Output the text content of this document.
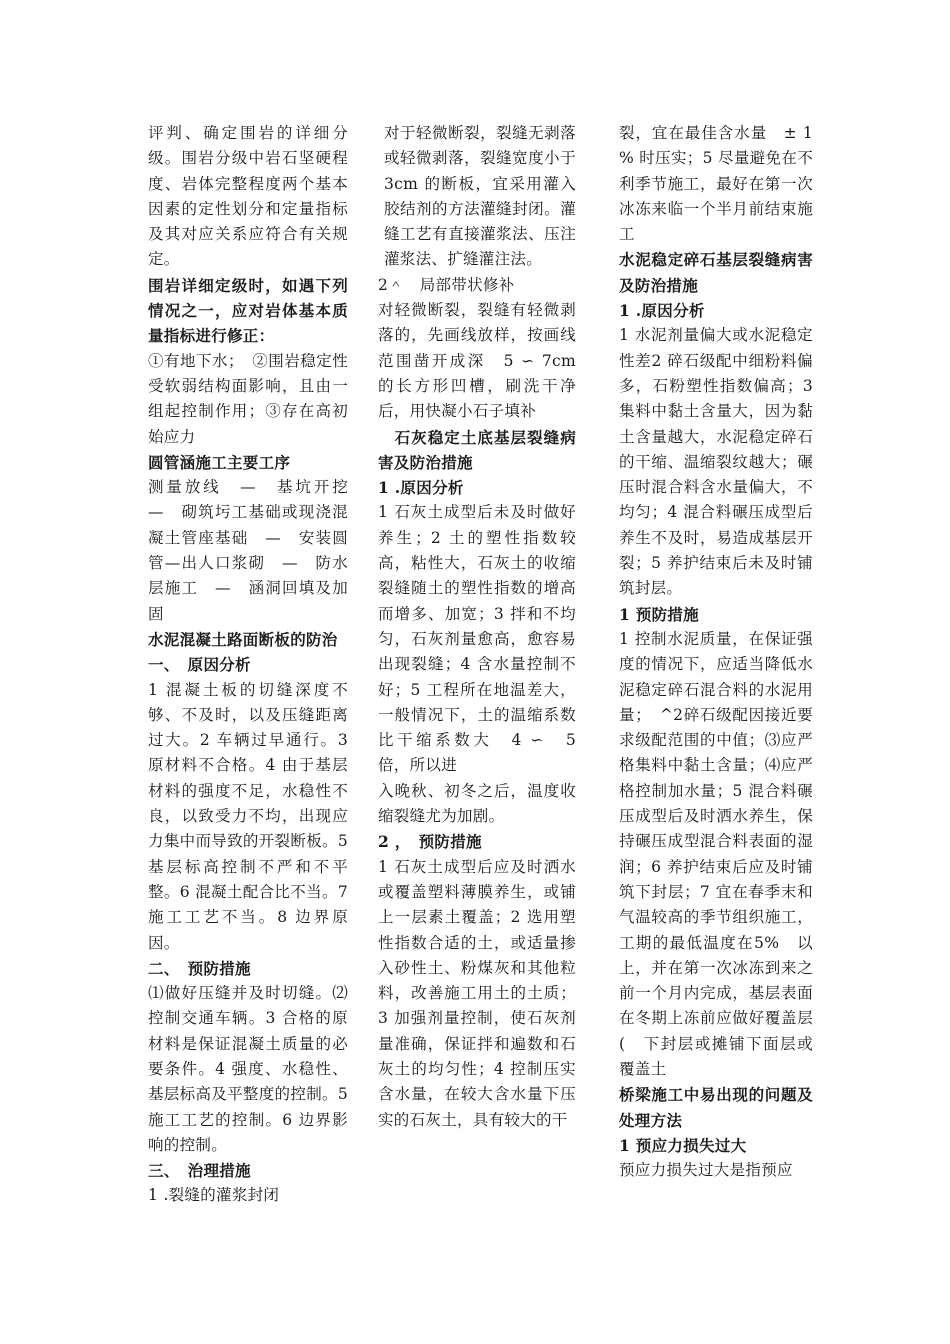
评判、确定围岩的详细分级。围岩分级中岩石坚硬程度、岩体完整程度两个基本因素的定性划分和定量指标及其对应关系应符合有关规定。

围岩详细定级时，如遇下列情况之一，应对岩体基本质量指标进行修正：

①有地下水；　②围岩稳定性受软弱结构面影响，且由一组起控制作用；③存在高初始应力

圆管涵施工主要工序

测量放线　—　基坑开挖　—　砌筑圬工基础或现浇混凝土管座基础　—　安装圆管—出人口浆砌　—　防水层施工　—　涵洞回填及加固

水泥混凝土路面断板的防治

一、　原因分析

1 混凝土板的切缝深度不够、不及时，以及压缝距离过大。2 车辆过早通行。3 原材料不合格。4 由于基层材料的强度不足，水稳性不良，以致受力不均，出现应力集中而导致的开裂断板。5 基层标高控制不严和不平整。6 混凝土配合比不当。7 施工工艺不当。8 边界原因。

二、　预防措施

⑴做好压缝并及时切缝。⑵控制交通车辆。3 合格的原材料是保证混凝土质量的必要条件。4 强度、水稳性、基层标高及平整度的控制。5 施工工艺的控制。6 边界影响的控制。

三、　治理措施

1 .裂缝的灌浆封闭

对于轻微断裂，裂缝无剥落或轻微剥落，裂缝宽度小于　3cm 的断板，宜采用灌入胶结剂的方法灌缝封闭。灌缝工艺有直接灌浆法、压注灌浆法、扩缝灌注法。

2＾　局部带状修补

对轻微断裂，裂缝有轻微剥落的，先画线放样，按画线范围凿开成深　5 ∽ 7cm 的长方形凹槽，刷洗干净后，用快凝小石子填补

　石灰稳定土底基层裂缝病害及防治措施

1 .原因分析

1 石灰土成型后未及时做好养生；2 土的塑性指数较高，粘性大，石灰土的收缩裂缝随土的塑性指数的增高而增多、加宽；3 拌和不均匀，石灰剂量愈高，愈容易出现裂缝；4 含水量控制不好；5 工程所在地温差大，一般情况下，土的温缩系数比干缩系数大　4 ∽　5 倍，所以进

入晚秋、初冬之后，温度收缩裂缝尤为加剧。

2 ，　预防措施

1 石灰土成型后应及时洒水或覆盖塑料薄膜养生，或铺上一层素土覆盖；2 选用塑性指数合适的土，或适量掺入砂性土、粉煤灰和其他粒料，改善施工用土的土质；3 加强剂量控制，使石灰剂量准确，保证拌和遍数和石灰土的均匀性；4 控制压实含水量，在较大含水量下压实的石灰土，具有较大的干

裂，宜在最佳含水量　± 1 % 时压实；5 尽量避免在不利季节施工，最好在第一次冰冻来临一个半月前结束施工

水泥稳定碎石基层裂缝病害及防治措施

1 .原因分析

1 水泥剂量偏大或水泥稳定性差2 碎石级配中细粉料偏多，石粉塑性指数偏高；3 集料中黏土含量大，因为黏土含量越大，水泥稳定碎石的干缩、温缩裂纹越大；碾压时混合料含水量偏大，不均匀；4 混合料碾压成型后养生不及时，易造成基层开裂；5 养护结束后未及时铺筑封层。

1 预防措施

1 控制水泥质量，在保证强度的情况下，应适当降低水泥稳定碎石混合料的水泥用量；　^2碎石级配因接近要求级配范围的中值；⑶应严格集料中黏土含量；⑷应严格控制加水量；5 混合料碾压成型后及时洒水养生，保持碾压成型混合料表面的湿润；6 养护结束后应及时铺筑下封层；7 宜在春季末和气温较高的季节组织施工，工期的最低温度在5%　以上，并在第一次冰冻到来之前一个月内完成，基层表面在冬期上冻前应做好覆盖层(　下封层或摊铺下面层或覆盖土

桥梁施工中易出现的问题及处理方法

1 预应力损失过大

预应力损失过大是指预应
